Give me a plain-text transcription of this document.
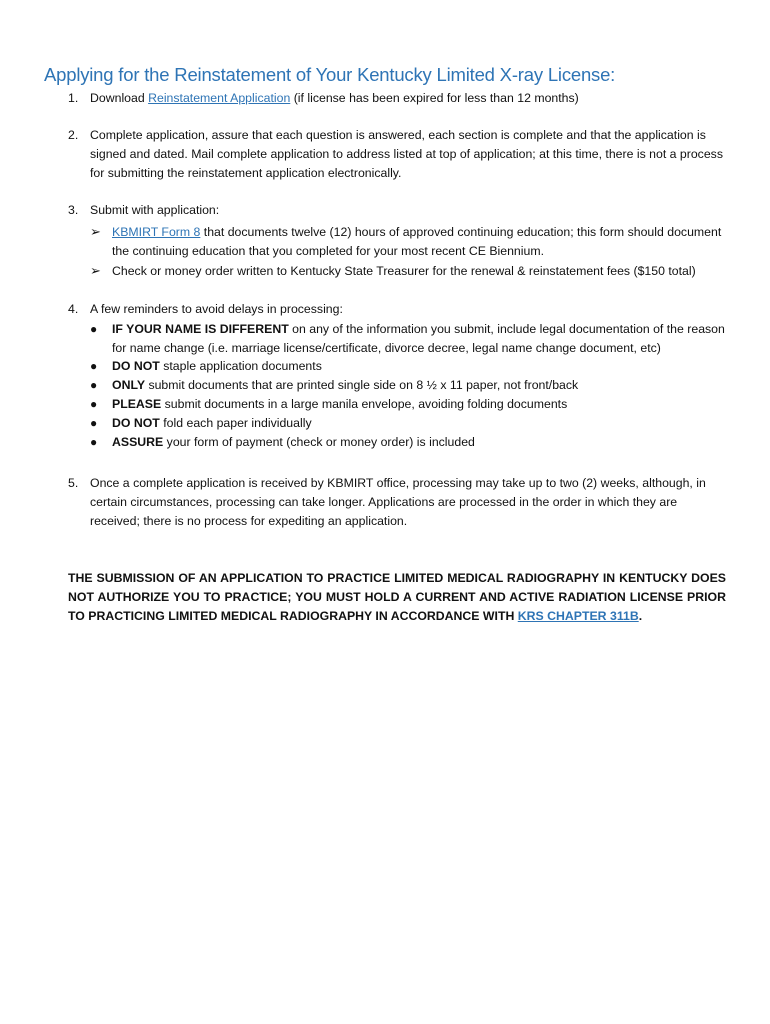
Applying for the Reinstatement of Your Kentucky Limited X-ray License:
1. Download Reinstatement Application (if license has been expired for less than 12 months)
2. Complete application, assure that each question is answered, each section is complete and that the application is signed and dated. Mail complete application to address listed at top of application; at this time, there is not a process for submitting the reinstatement application electronically.
3. Submit with application:
➢ KBMIRT Form 8 that documents twelve (12) hours of approved continuing education; this form should document the continuing education that you completed for your most recent CE Biennium.
➢ Check or money order written to Kentucky State Treasurer for the renewal & reinstatement fees ($150 total)
4. A few reminders to avoid delays in processing:
● IF YOUR NAME IS DIFFERENT on any of the information you submit, include legal documentation of the reason for name change (i.e. marriage license/certificate, divorce decree, legal name change document, etc)
● DO NOT staple application documents
● ONLY submit documents that are printed single side on 8 ½ x 11 paper, not front/back
● PLEASE submit documents in a large manila envelope, avoiding folding documents
● DO NOT fold each paper individually
● ASSURE your form of payment (check or money order) is included
5. Once a complete application is received by KBMIRT office, processing may take up to two (2) weeks, although, in certain circumstances, processing can take longer. Applications are processed in the order in which they are received; there is no process for expediting an application.

THE SUBMISSION OF AN APPLICATION TO PRACTICE LIMITED MEDICAL RADIOGRAPHY IN KENTUCKY DOES NOT AUTHORIZE YOU TO PRACTICE; YOU MUST HOLD A CURRENT AND ACTIVE RADIATION LICENSE PRIOR TO PRACTICING LIMITED MEDICAL RADIOGRAPHY IN ACCORDANCE WITH KRS CHAPTER 311B.
